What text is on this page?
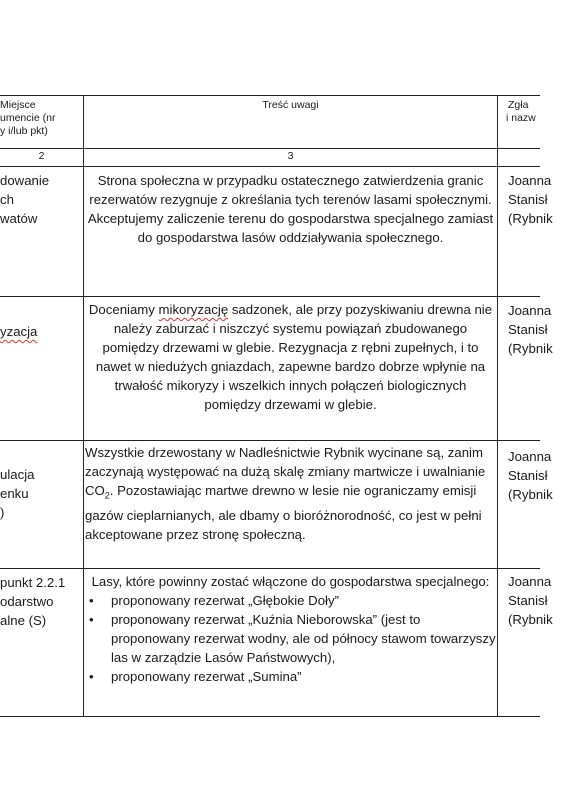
Miejsce
umencie (nr
y i/lub pkt)
Treść uwagi	Zgła
i nazw
2	3
dowanie
ch
watów
Strona społeczna w przypadku ostatecznego zatwierdzenia granic rezerwatów rezygnuje z określania tych terenów lasami społecznymi. Akceptujemy zaliczenie terenu do gospodarstwa specjalnego zamiast do gospodarstwa lasów oddziaływania społecznego.
Joanna
Stanisł
(Rybnik
yzacja
Doceniamy mikoryzację sadzonek, ale przy pozyskiwaniu drewna nie należy zaburzać i niszczyć systemu powiązań zbudowanego pomiędzy drzewami w glebie. Rezygnacja z rębni zupełnych, i to nawet w niedużych gniazdach, zapewne bardzo dobrze wpłynie na trwałość mikoryzy i wszelkich innych połączeń biologicznych pomiędzy drzewami w glebie.
Joanna
Stanisł
(Rybnik
ulacja
enku
)
Wszystkie drzewostany w Nadleśnictwie Rybnik wycinane są, zanim zaczynają występować na dużą skalę zmiany martwicze i uwalnianie $CO_2$. Pozostawiając martwe drewno w lesie nie ograniczamy emisji gazów cieplarnianych, ale dbamy o bioróżnorodność, co jest w pełni akceptowane przez stronę społeczną.
Joanna
Stanisł
(Rybnik
punkt 2.2.1
odarstwo
alne (S)
Lasy, które powinny zostać włączone do gospodarstwa specjalnego:
• proponowany rezerwat „Głębokie Doły”
• proponowany rezerwat „Kuźnia Nieborowska” (jest to proponowany rezerwat wodny, ale od północy stawom towarzyszy las w zarządzie Lasów Państwowych),
• proponowany rezerwat „Sumina”
Joanna
Stanisł
(Rybnik
